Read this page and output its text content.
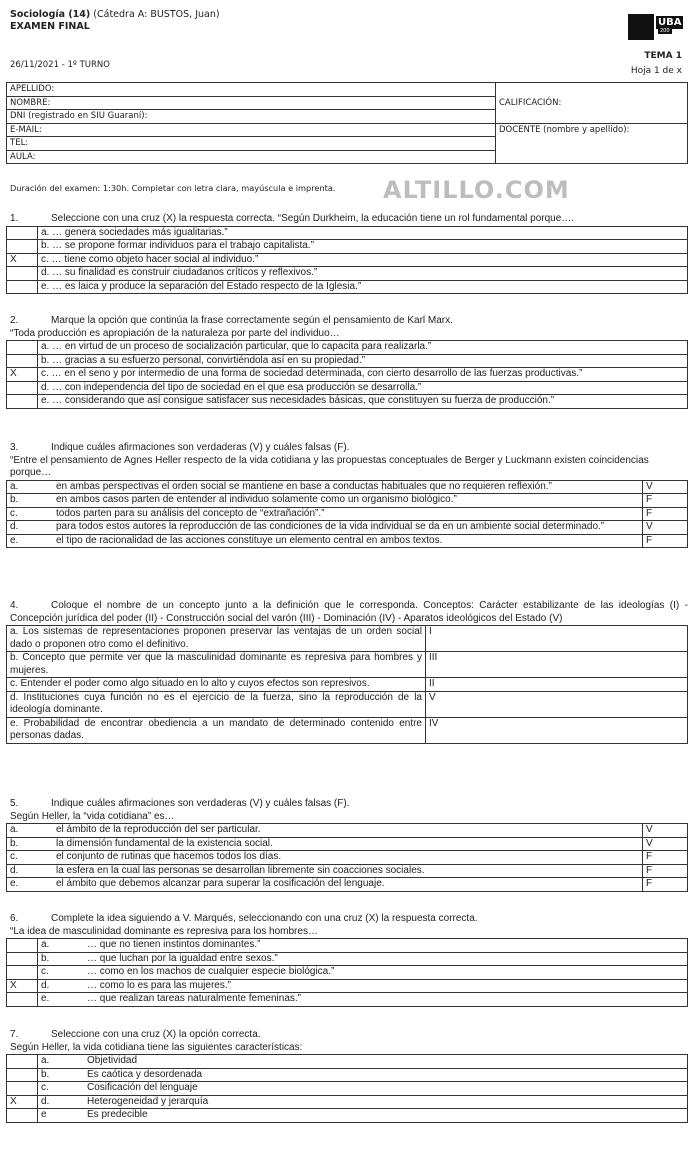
Sociología (14) (Cátedra A: BUSTOS, Juan)
EXAMEN FINAL	UBA
200
26/11/2021 - 1º TURNO
TEMA 1
Hoja 1 de x
APELLIDO:	CALIFICACIÓN:
NOMBRE:	
DNI (registrado en SIU Guaraní):	
E-MAIL:	DOCENTE (nombre y apellido):
TEL:	
AULA:	
Duración del examen: 1:30h. Completar con letra clara, mayúscula e imprenta. ALTILLO.COM
1.	Seleccione con una cruz (X) la respuesta correcta. “Según Durkheim, la educación tiene un rol fundamental porque….
	a. … genera sociedades más igualitarias.”
	b. … se propone formar individuos para el trabajo capitalista.”
X	c. … tiene como objeto hacer social al individuo.”
	d. … su finalidad es construir ciudadanos críticos y reflexivos.”
	e. … es laica y produce la separación del Estado respecto de la Iglesia.”
2.	Marque la opción que continúa la frase correctamente según el pensamiento de Karl Marx.
“Toda producción es apropiación de la naturaleza por parte del individuo…
	a. … en virtud de un proceso de socialización particular, que lo capacita para realizarla.”
	b. … gracias a su esfuerzo personal, convirtiéndola así en su propiedad.”
X	c. … en el seno y por intermedio de una forma de sociedad determinada, con cierto desarrollo de las fuerzas productivas.”
	d. … con independencia del tipo de sociedad en el que esa producción se desarrolla.”
	e. … considerando que así consigue satisfacer sus necesidades básicas, que constituyen su fuerza de producción.”
3.	Indique cuáles afirmaciones son verdaderas (V) y cuáles falsas (F).
“Entre el pensamiento de Agnes Heller respecto de la vida cotidiana y las propuestas conceptuales de Berger y Luckmann existen coincidencias porque…
a. en ambas perspectivas el orden social se mantiene en base a conductas habituales que no requieren reflexión.”	V
b. en ambos casos parten de entender al individuo solamente como un organismo biológico.”	F
c. todos parten para su análisis del concepto de “extrañación”.”	F
d. para todos estos autores la reproducción de las condiciones de la vida individual se da en un ambiente social determinado.”	V
e. el tipo de racionalidad de las acciones constituye un elemento central en ambos textos.	F
4.	Coloque el nombre de un concepto junto a la definición que le corresponda. Conceptos: Carácter estabilizante de las ideologías (I) - Concepción jurídica del poder (II) - Construcción social del varón (III) - Dominación (IV) - Aparatos ideológicos del Estado (V)
a. Los sistemas de representaciones proponen preservar las ventajas de un orden social dado o proponen otro como el definitivo.	I
b. Concepto que permite ver que la masculinidad dominante es represiva para hombres y mujeres.	III
c. Entender el poder como algo situado en lo alto y cuyos efectos son represivos.	II
d. Instituciones cuya función no es el ejercicio de la fuerza, sino la reproducción de la ideología dominante.	V
e. Probabilidad de encontrar obediencia a un mandato de determinado contenido entre personas dadas.	IV
5.	Indique cuáles afirmaciones son verdaderas (V) y cuáles falsas (F).
Según Heller, la “vida cotidiana” es…
a. el ámbito de la reproducción del ser particular.	V
b. la dimensión fundamental de la existencia social.	V
c. el conjunto de rutinas que hacemos todos los días.	F
d. la esfera en la cual las personas se desarrollan libremente sin coacciones sociales.	F
e. el ámbito que debemos alcanzar para superar la cosificación del lenguaje.	F
6.	Complete la idea siguiendo a V. Marqués, seleccionando con una cruz (X) la respuesta correcta.
“La idea de masculinidad dominante es represiva para los hombres…
	a. … que no tienen instintos dominantes.”
	b. … que luchan por la igualdad entre sexos.”
	c. … como en los machos de cualquier especie biológica.”
X	d. … como lo es para las mujeres.”
	e. … que realizan tareas naturalmente femeninas.”
7.	Seleccione con una cruz (X) la opción correcta.
Según Heller, la vida cotidiana tiene las siguientes características:
	a. Objetividad
	b. Es caótica y desordenada
	c. Cosificación del lenguaje
X	d. Heterogeneidad y jerarquía
	e Es predecible
